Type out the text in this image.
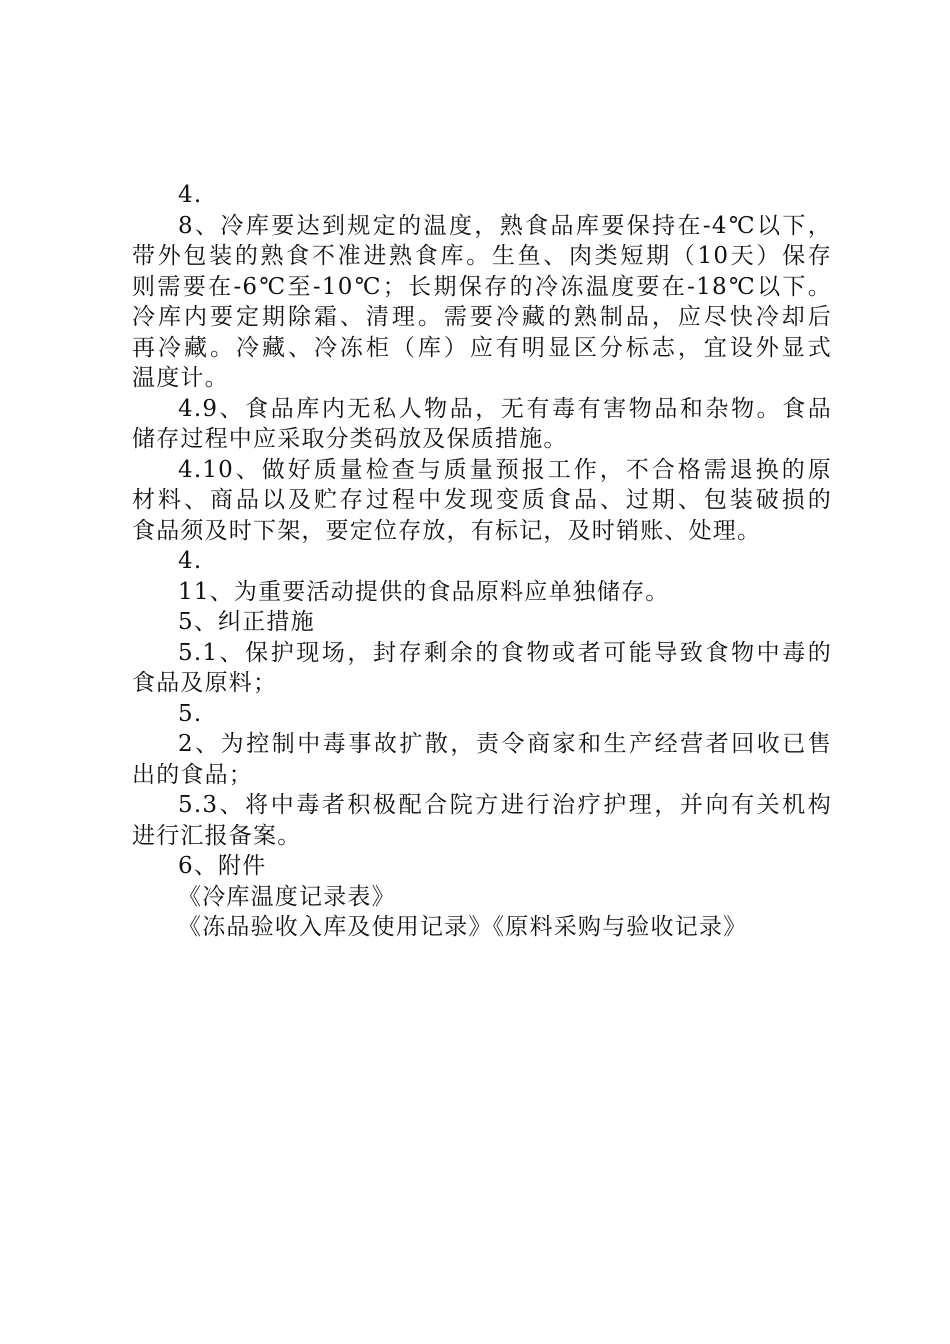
4.
8、冷库要达到规定的温度，熟食品库要保持在-4℃以下，
带外包装的熟食不准进熟食库。生鱼、肉类短期（10天）保存
则需要在-6℃至-10℃；长期保存的冷冻温度要在-18℃以下。
冷库内要定期除霜、清理。需要冷藏的熟制品，应尽快冷却后
再冷藏。冷藏、冷冻柜（库）应有明显区分标志，宜设外显式
温度计。
4.9、食品库内无私人物品，无有毒有害物品和杂物。食品
储存过程中应采取分类码放及保质措施。
4.10、做好质量检查与质量预报工作，不合格需退换的原
材料、商品以及贮存过程中发现变质食品、过期、包装破损的
食品须及时下架，要定位存放，有标记，及时销账、处理。
4.
11、为重要活动提供的食品原料应单独储存。
5、纠正措施
5.1、保护现场，封存剩余的食物或者可能导致食物中毒的
食品及原料；
5.
2、为控制中毒事故扩散，责令商家和生产经营者回收已售
出的食品；
5.3、将中毒者积极配合院方进行治疗护理，并向有关机构
进行汇报备案。
6、附件
《冷库温度记录表》
《冻品验收入库及使用记录》《原料采购与验收记录》
